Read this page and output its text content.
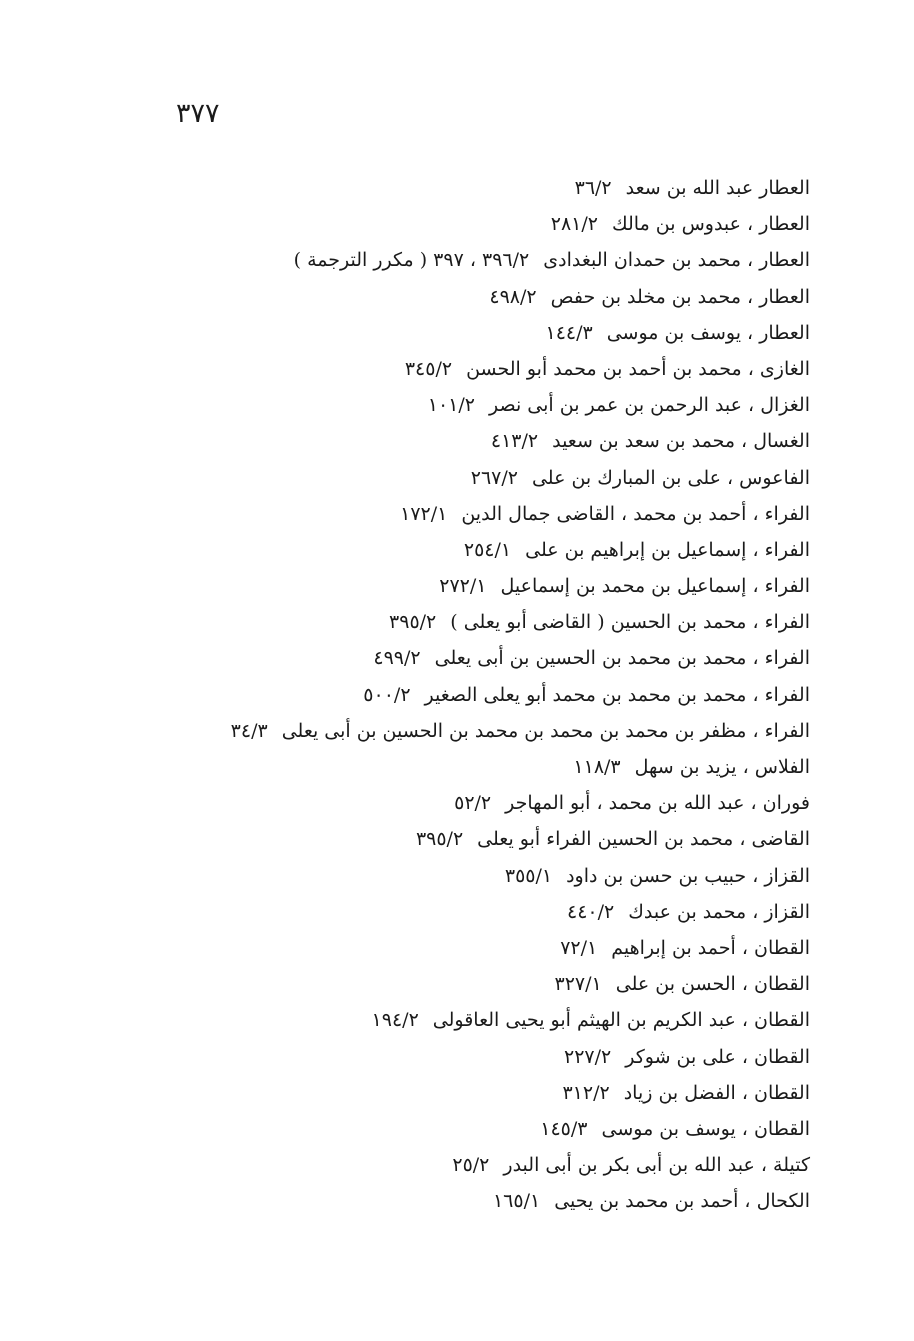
٣٧٧
العطار عبد الله بن سعد٣٦/٢
العطار ، عبدوس بن مالك٢٨١/٢
العطار ، محمد بن حمدان البغدادى٣٩٦/٢ ، ٣٩٧ ( مكرر الترجمة )
العطار ، محمد بن مخلد بن حفص٤٩٨/٢
العطار ، يوسف بن موسى١٤٤/٣
الغازى ، محمد بن أحمد بن محمد أبو الحسن٣٤٥/٢
الغزال ، عبد الرحمن بن عمر بن أبى نصر١٠١/٢
الغسال ، محمد بن سعد بن سعيد٤١٣/٢
الفاعوس ، على بن المبارك بن على٢٦٧/٢
الفراء ، أحمد بن محمد ، القاضى جمال الدين١٧٢/١
الفراء ، إسماعيل بن إبراهيم بن على٢٥٤/١
الفراء ، إسماعيل بن محمد بن إسماعيل٢٧٢/١
الفراء ، محمد بن الحسين ( القاضى أبو يعلى )٣٩٥/٢
الفراء ، محمد بن محمد بن الحسين بن أبى يعلى٤٩٩/٢
الفراء ، محمد بن محمد بن محمد أبو يعلى الصغير٥٠٠/٢
الفراء ، مظفر بن محمد بن محمد بن محمد بن الحسين بن أبى يعلى٣٤/٣
الفلاس ، يزيد بن سهل١١٨/٣
فوران ، عبد الله بن محمد ، أبو المهاجر٥٢/٢
القاضى ، محمد بن الحسين الفراء أبو يعلى٣٩٥/٢
القزاز ، حبيب بن حسن بن داود٣٥٥/١
القزاز ، محمد بن عبدك٤٤٠/٢
القطان ، أحمد بن إبراهيم٧٢/١
القطان ، الحسن بن على٣٢٧/١
القطان ، عبد الكريم بن الهيثم أبو يحيى العاقولى١٩٤/٢
القطان ، على بن شوكر٢٢٧/٢
القطان ، الفضل بن زياد٣١٢/٢
القطان ، يوسف بن موسى١٤٥/٣
كتيلة ، عبد الله بن أبى بكر بن أبى البدر٢٥/٢
الكحال ، أحمد بن محمد بن يحيى١٦٥/١
